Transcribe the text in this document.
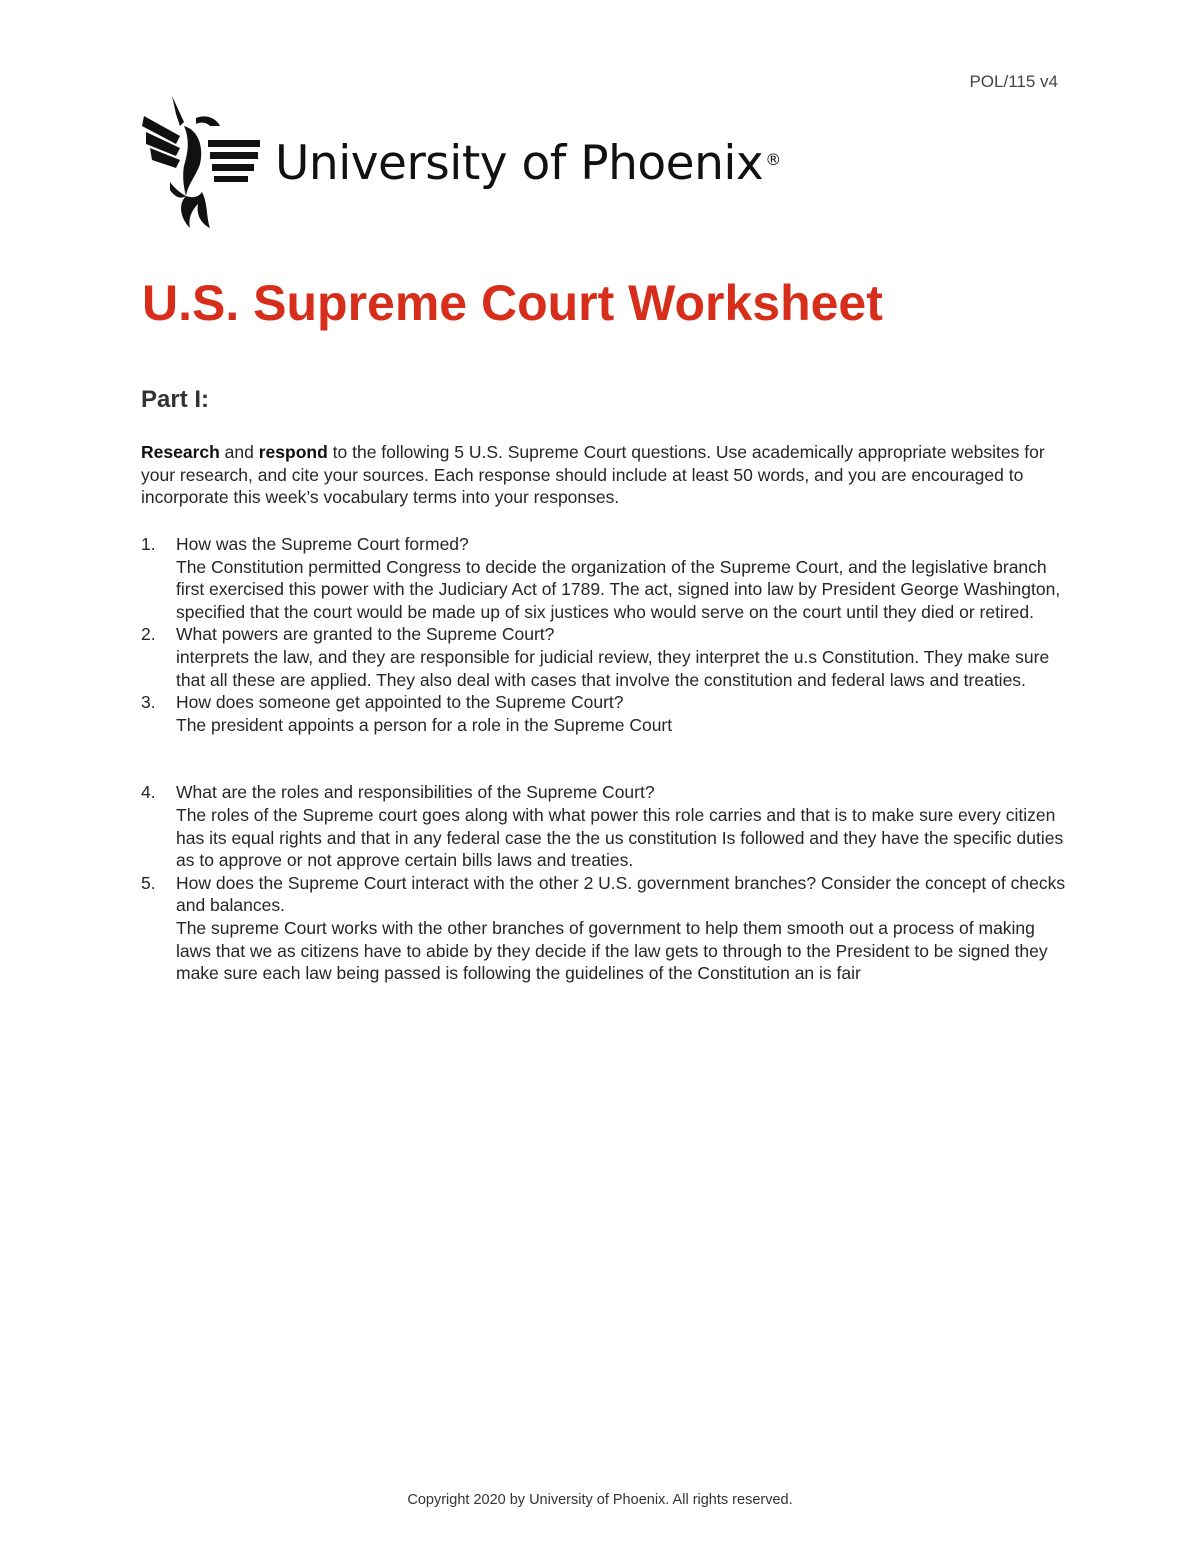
POL/115 v4
University of Phoenix ®
U.S. Supreme Court Worksheet
Part I:

Research and respond to the following 5 U.S. Supreme Court questions. Use academically appropriate websites for your research, and cite your sources. Each response should include at least 50 words, and you are encouraged to incorporate this week’s vocabulary terms into your responses.

1. How was the Supreme Court formed?
The Constitution permitted Congress to decide the organization of the Supreme Court, and the legislative branch first exercised this power with the Judiciary Act of 1789. The act, signed into law by President George Washington, specified that the court would be made up of six justices who would serve on the court until they died or retired.
2. What powers are granted to the Supreme Court?
interprets the law, and they are responsible for judicial review, they interpret the u.s Constitution. They make sure that all these are applied. They also deal with cases that involve the constitution and federal laws and treaties.
3. How does someone get appointed to the Supreme Court?
The president appoints a person for a role in the Supreme Court
4. What are the roles and responsibilities of the Supreme Court?
The roles of the Supreme court goes along with what power this role carries and that is to make sure every citizen has its equal rights and that in any federal case the the us constitution Is followed and they have the specific duties as to approve or not approve certain bills laws and treaties.
5. How does the Supreme Court interact with the other 2 U.S. government branches? Consider the concept of checks and balances.
The supreme Court works with the other branches of government to help them smooth out a process of making laws that we as citizens have to abide by they decide if the law gets to through to the President to be signed they make sure each law being passed is following the guidelines of the Constitution an is fair
Copyright 2020 by University of Phoenix. All rights reserved.
